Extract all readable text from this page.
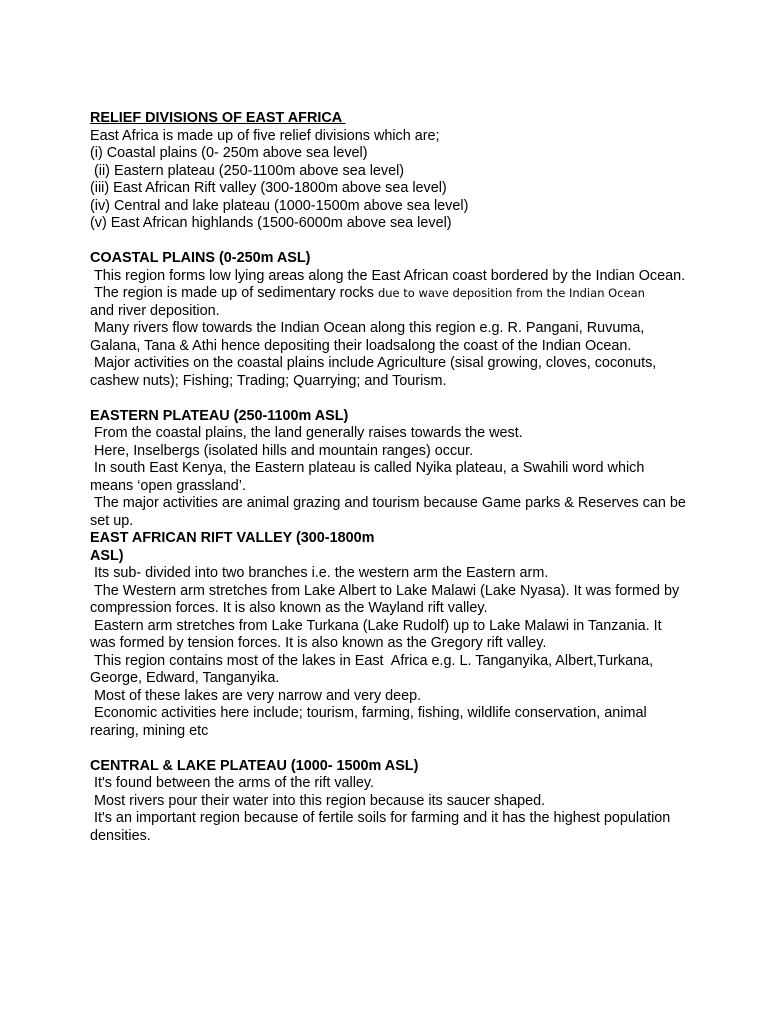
RELIEF DIVISIONS OF EAST AFRICA

East Africa is made up of five relief divisions which are;

(i) Coastal plains (0- 250m above sea level)

(ii) Eastern plateau (250-1100m above sea level)

(iii) East African Rift valley (300-1800m above sea level)

(iv) Central and lake plateau (1000-1500m above sea level)

(v) East African highlands (1500-6000m above sea level)

COASTAL PLAINS (0-250m ASL)

This region forms low lying areas along the East African coast bordered by the Indian Ocean.

The region is made up of sedimentary rocks due to wave deposition from the Indian Ocean
and river deposition.

Many rivers flow towards the Indian Ocean along this region e.g. R. Pangani, Ruvuma, Galana, Tana & Athi hence depositing their loadsalong the coast of the Indian Ocean.

Major activities on the coastal plains include Agriculture (sisal growing, cloves, coconuts, cashew nuts); Fishing; Trading; Quarrying; and Tourism.

EASTERN PLATEAU (250-1100m ASL)

From the coastal plains, the land generally raises towards the west.

Here, Inselbergs (isolated hills and mountain ranges) occur.

In south East Kenya, the Eastern plateau is called Nyika plateau, a Swahili word which means ‘open grassland’.

The major activities are animal grazing and tourism because Game parks & Reserves can be set up.

EAST AFRICAN RIFT VALLEY (300-1800m
ASL)

Its sub- divided into two branches i.e. the western arm the Eastern arm.

The Western arm stretches from Lake Albert to Lake Malawi (Lake Nyasa). It was formed by compression forces. It is also known as the Wayland rift valley.

Eastern arm stretches from Lake Turkana (Lake Rudolf) up to Lake Malawi in Tanzania. It was formed by tension forces. It is also known as the Gregory rift valley.

This region contains most of the lakes in East  Africa e.g. L. Tanganyika, Albert,Turkana, George, Edward, Tanganyika.

Most of these lakes are very narrow and very deep.

Economic activities here include; tourism, farming, fishing, wildlife conservation, animal rearing, mining etc

CENTRAL & LAKE PLATEAU (1000- 1500m ASL)

It's found between the arms of the rift valley.

Most rivers pour their water into this region because its saucer shaped.

It's an important region because of fertile soils for farming and it has the highest population densities.
